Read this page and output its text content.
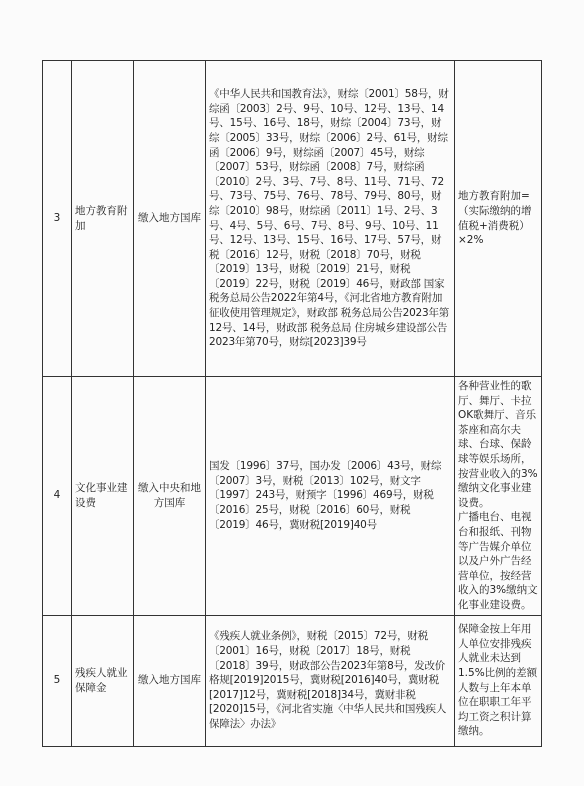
3	地方教育附加	缴入地方国库	《中华人民共和国教育法》，财综〔2001〕58号，财综函〔2003〕2号、9号、10号、12号、13号、14号、15号、16号、18号，财综〔2004〕73号，财综〔2005〕33号，财综〔2006〕2号、61号，财综函〔2006〕9号，财综函〔2007〕45号，财综〔2007〕53号，财综函〔2008〕7号，财综函〔2010〕2号、3号、7号、8号、11号、71号、72号、73号、75号、76号、78号、79号、80号，财综〔2010〕98号，财综函〔2011〕1号、2号、3号、4号、5号、6号、7号、8号、9号、10号、11号、12号、13号、15号、16号、17号、57号，财税〔2016〕12号，财税〔2018〕70号，财税〔2019〕13号，财税〔2019〕21号，财税〔2019〕22号，财税〔2019〕46号，财政部 国家税务总局公告2022年第4号，《河北省地方教育附加征收使用管理规定》，财政部 税务总局公告2023年第12号、14号，财政部 税务总局 住房城乡建设部公告2023年第70号，财综[2023]39号	地方教育附加=（实际缴纳的增值税+消费税）×2%
4	文化事业建设费	缴入中央和地方国库	国发〔1996〕37号，国办发〔2006〕43号，财综〔2007〕3号，财税〔2013〕102号，财文字〔1997〕243号，财预字〔1996〕469号，财税〔2016〕25号，财税〔2016〕60号，财税〔2019〕46号，冀财税[2019]40号	各种营业性的歌厅、舞厅、卡拉OK歌舞厅、音乐茶座和高尔夫球、台球、保龄球等娱乐场所，按营业收入的3%缴纳文化事业建设费。
广播电台、电视台和报纸、刊物等广告媒介单位以及户外广告经营单位，按经营收入的3%缴纳文化事业建设费。

5	残疾人就业保障金	缴入地方国库	《残疾人就业条例》，财税〔2015〕72号，财税〔2001〕16号，财税〔2017〕18号，财税〔2018〕39号，财政部公告2023年第8号，发改价格规[2019]2015号，冀财税[2016]40号，冀财税[2017]12号，冀财税[2018]34号，冀财非税[2020]15号，《河北省实施〈中华人民共和国残疾人保障法〉办法》	保障金按上年用人单位安排残疾人就业未达到1.5%比例的差额人数与上年本单位在职职工年平均工资之积计算缴纳。
